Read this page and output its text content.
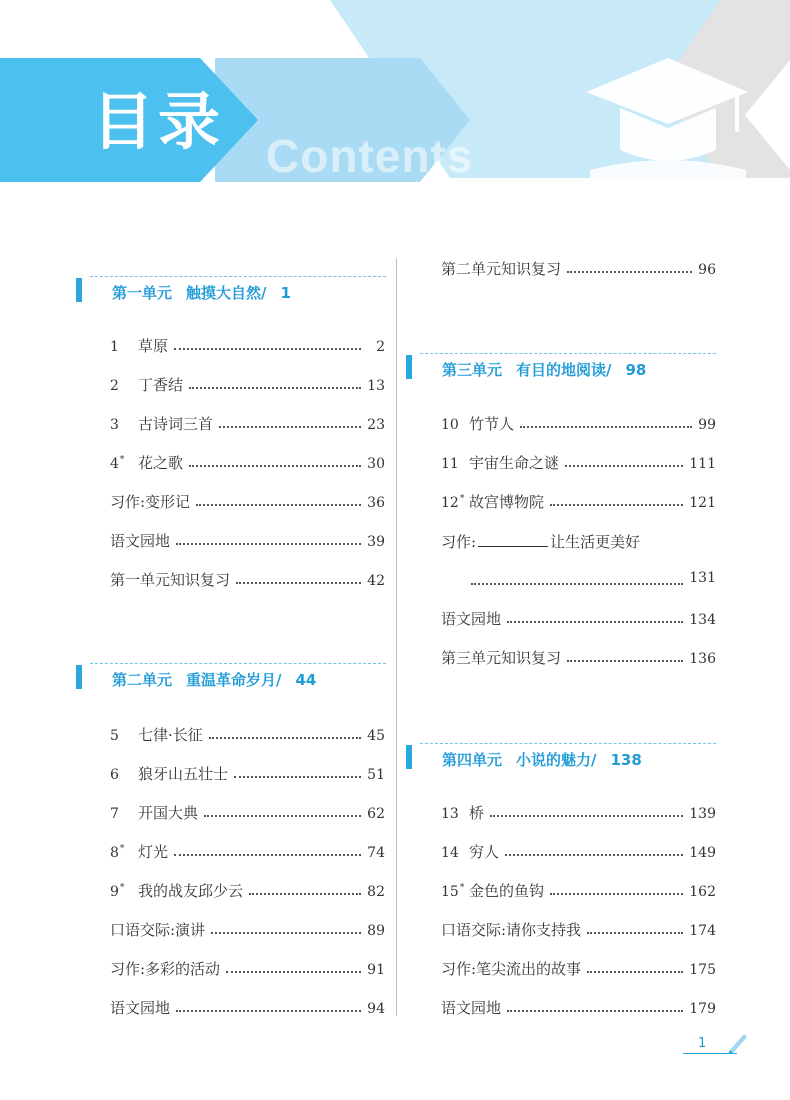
目录 Contents
第一单元 触摸大自然/ 1
1	草原	2
2	丁香结	13
3	古诗词三首	23
4* 花之歌	30
习作:变形记	36
语文园地	39
第一单元知识复习	42
第二单元 重温革命岁月/ 44
5	七律·长征	45
6	狼牙山五壮士	51
7	开国大典	62
8* 灯光	74
9* 我的战友邱少云	82
口语交际:演讲	89
习作:多彩的活动	91
语文园地	94
第二单元知识复习	96
第三单元 有目的地阅读/ 98
10 竹节人	99
11 宇宙生命之谜	111
12* 故宫博物院	121
习作:	让生活更美好
131
语文园地	134
第三单元知识复习	136
第四单元 小说的魅力/ 138
13 桥	139
14 穷人	149
15* 金色的鱼钩	162
口语交际:请你支持我	174
习作:笔尖流出的故事	175
语文园地	179
1
